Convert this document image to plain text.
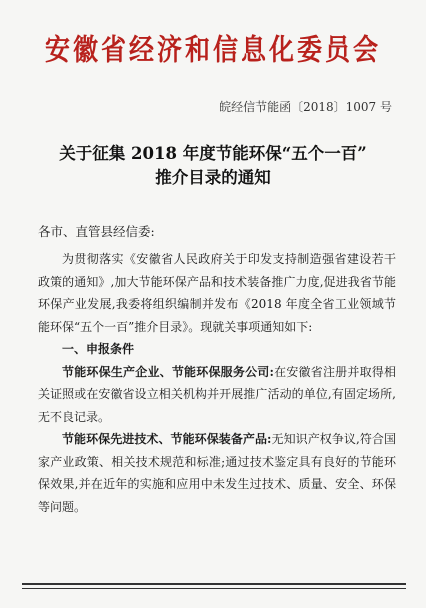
安徽省经济和信息化委员会
皖经信节能函〔2018〕1007 号
关于征集 2018 年度节能环保“五个一百”
推介目录的通知
各市、直管县经信委:

为贯彻落实《安徽省人民政府关于印发支持制造强省建设若干政策的通知》,加大节能环保产品和技术装备推广力度,促进我省节能环保产业发展,我委将组织编制并发布《2018 年度全省工业领域节能环保“五个一百”推介目录》。现就关事项通知如下:

一、申报条件

节能环保生产企业、节能环保服务公司:在安徽省注册并取得相关证照或在安徽省设立相关机构并开展推广活动的单位,有固定场所,无不良记录。

节能环保先进技术、节能环保装备产品:无知识产权争议,符合国家产业政策、相关技术规范和标准;通过技术鉴定具有良好的节能环保效果,并在近年的实施和应用中未发生过技术、质量、安全、环保等问题。
